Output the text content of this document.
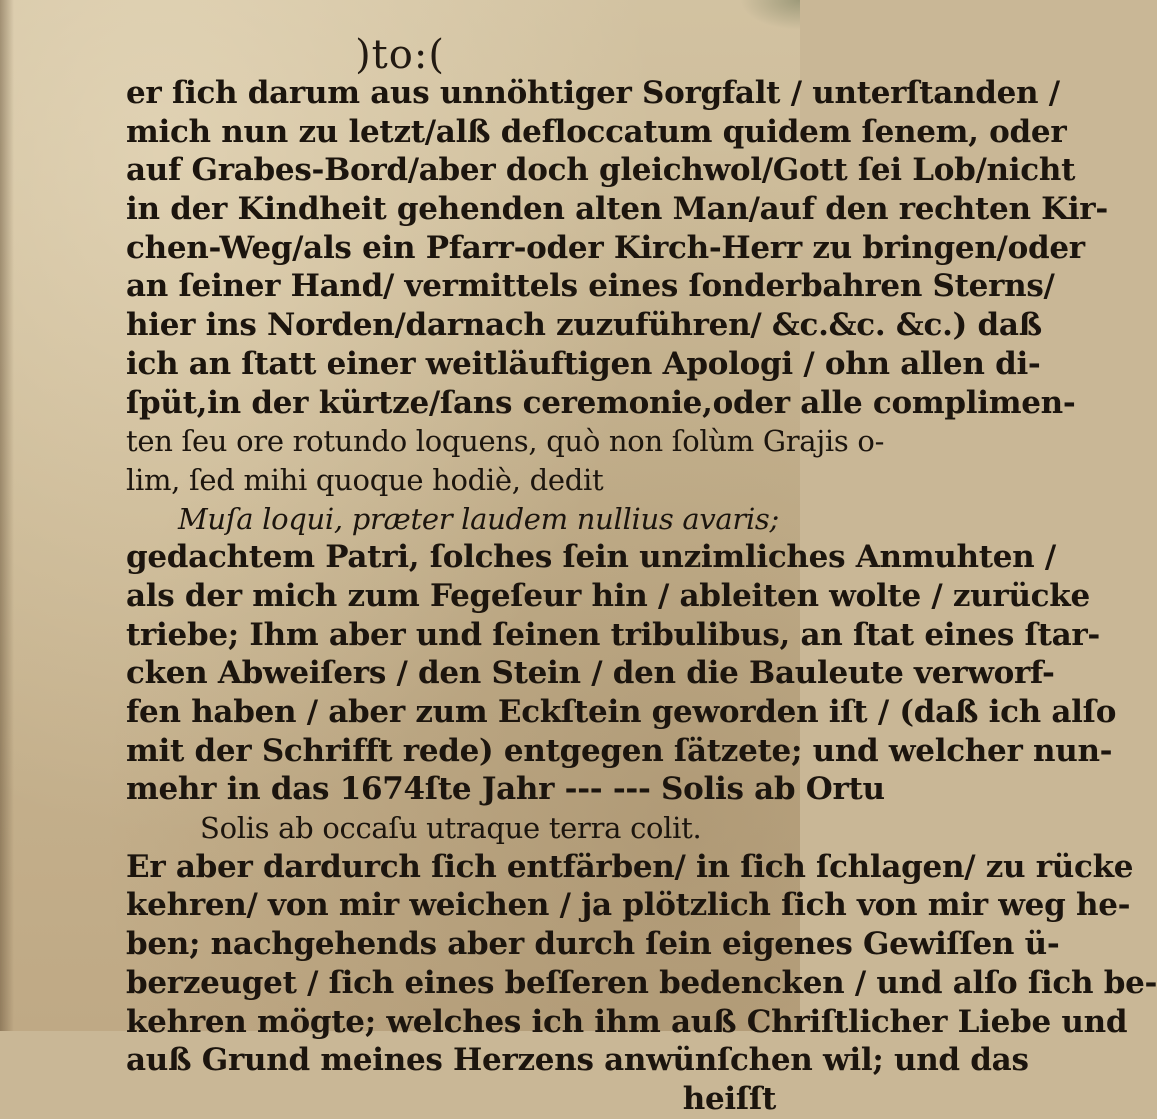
)to:(
er ſich darum aus unnöhtiger Sorgfalt / unterſtanden /
mich nun zu letzt/alß defloccatum quidem ſenem, oder
auf Grabes-Bord/aber doch gleichwol/Gott ſei Lob/nicht
in der Kindheit gehenden alten Man/auf den rechten Kir-
chen-Weg/als ein Pfarr-oder Kirch-Herr zu bringen/oder
an ſeiner Hand/ vermittels eines ſonderbahren Sterns/
hier ins Norden/darnach zuzuführen/ &c.&c. &c.) daß
ich an ſtatt einer weitläuftigen Apologi / ohn allen di-
ſpüt,in der kürtze/ſans ceremonie,oder alle complimen-
ten ſeu ore rotundo loquens, quò non ſolùm Grajis o-
lim, ſed mihi quoque hodiè, dedit
Muſa loqui, præter laudem nullius avaris;
gedachtem Patri, ſolches ſein unzimliches Anmuhten /
als der mich zum Fegeſeur hin / ableiten wolte / zurücke
triebe; Ihm aber und ſeinen tribulibus, an ſtat eines ſtar-
cken Abweiſers / den Stein / den die Bauleute verworf-
fen haben / aber zum Eckſtein geworden iſt / (daß ich alſo
mit der Schrifft rede) entgegen ſätzete; und welcher nun-
mehr in das 1674ſte Jahr --- --- Solis ab Ortu
Solis ab occaſu utraque terra colit.
Er aber dardurch ſich entfärben/ in ſich ſchlagen/ zu rücke
kehren/ von mir weichen / ja plötzlich ſich von mir weg he-
ben; nachgehends aber durch ſein eigenes Gewiſſen ü-
berzeuget / ſich eines beſſeren bedencken / und alſo ſich be-
kehren mögte; welches ich ihm auß Chriſtlicher Liebe und
auß Grund meines Herzens anwünſchen wil; und das
heiſſt
